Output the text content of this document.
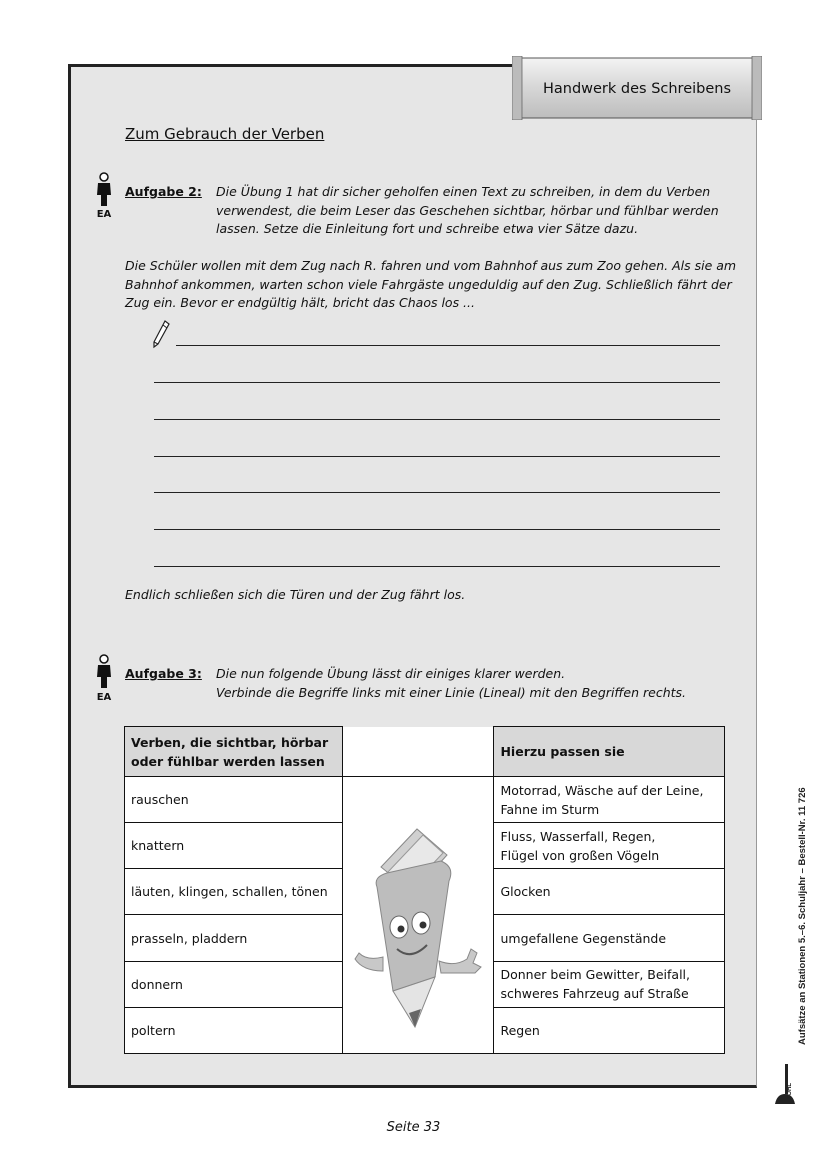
Handwerk des Schreibens
Zum Gebrauch der Verben
EA
Aufgabe 2: Die Übung 1 hat dir sicher geholfen einen Text zu schreiben, in dem du Verben
verwendest, die beim Leser das Geschehen sichtbar, hörbar und fühlbar werden
lassen. Setze die Einleitung fort und schreibe etwa vier Sätze dazu.
Die Schüler wollen mit dem Zug nach R. fahren und vom Bahnhof aus zum Zoo gehen. Als sie am
Bahnhof ankommen, warten schon viele Fahrgäste ungeduldig auf den Zug. Schließlich fährt der
Zug ein. Bevor er endgültig hält, bricht das Chaos los ...
Endlich schließen sich die Türen und der Zug fährt los.
EA
Aufgabe 3: Die nun folgende Übung lässt dir einiges klarer werden.
Verbinde die Begriffe links mit einer Linie (Lineal) mit den Begriffen rechts.
Verben, die sichtbar, hörbar
oder fühlbar werden lassen		Hierzu passen sie
rauschen		Motorrad, Wäsche auf der Leine,
Fahne im Sturm

knattern		Fluss, Wasserfall, Regen,
Flügel von großen Vögeln

läuten, klingen, schallen, tönen		Glocken

prasseln, pladdern		umgefallene Gegenstände

donnern		Donner beim Gewitter, Beifall,
schweres Fahrzeug auf Straße

poltern		Regen	Aufsätze an Stationen 5.–6. Schuljahr – Bestell-Nr. 11 726
KOHL
Seite 33
